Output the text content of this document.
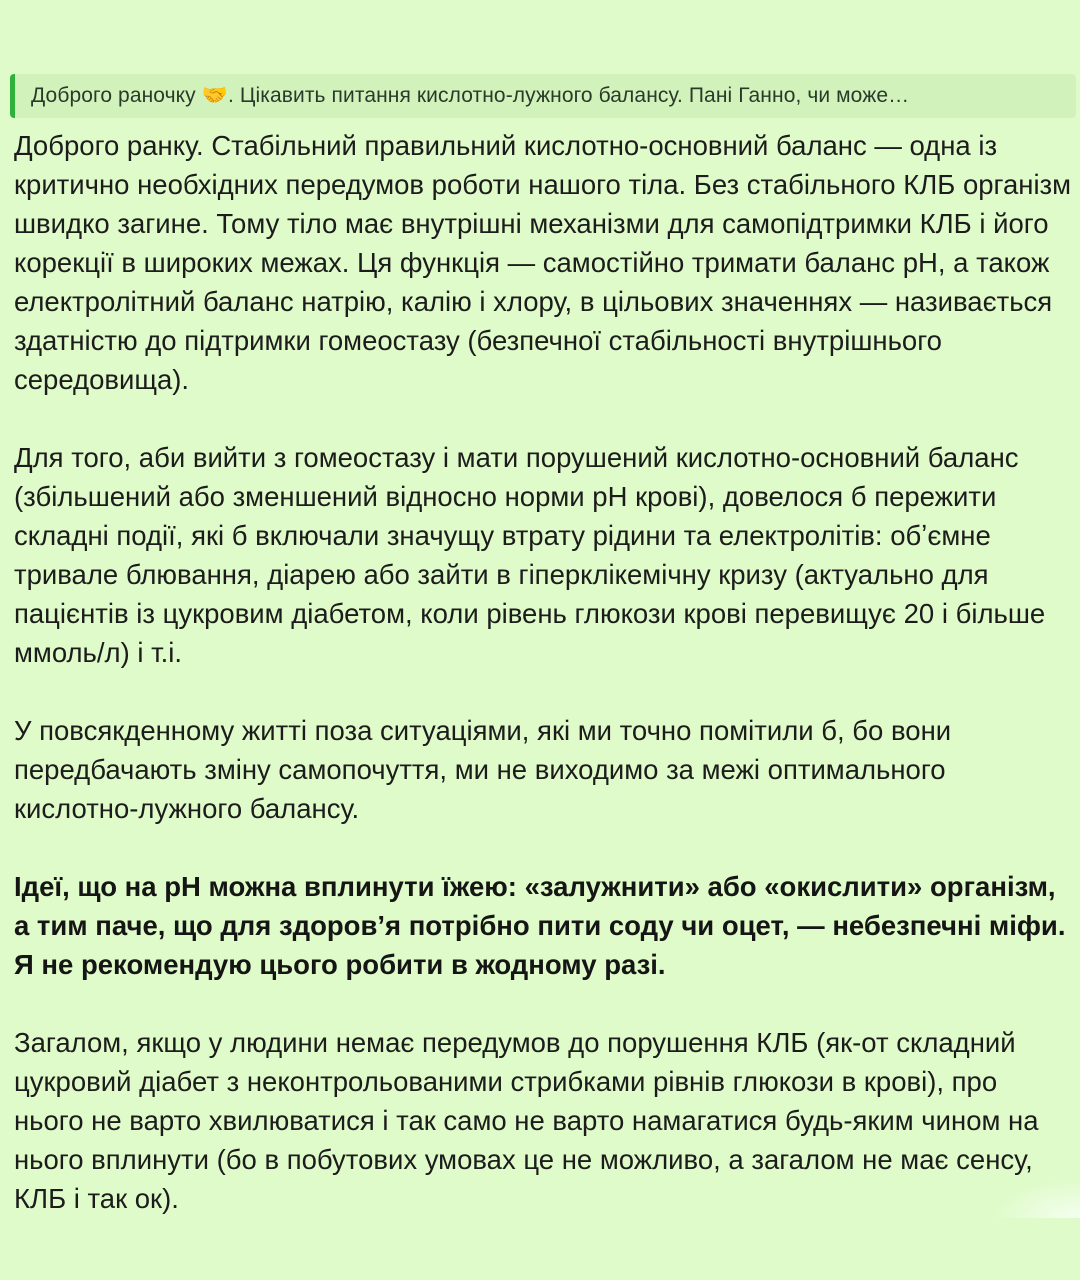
Доброго раночку 🤝. Цікавить питання кислотно-лужного балансу. Пані Ганно, чи може…

Доброго ранку. Стабільний правильний кислотно-основний баланс — одна із критично необхідних передумов роботи нашого тіла. Без стабільного КЛБ організм швидко загине. Тому тіло має внутрішні механізми для самопідтримки КЛБ і його корекції в широких межах. Ця функція — самостійно тримати баланс pH, а також електролітний баланс натрію, калію і хлору, в цільових значеннях — називається здатністю до підтримки гомеостазу (безпечної стабільності внутрішнього середовища).

Для того, аби вийти з гомеостазу і мати порушений кислотно-основний баланс (збільшений або зменшений відносно норми pH крові), довелося б пережити складні події, які б включали значущу втрату рідини та електролітів: обʼємне тривале блювання, діарею або зайти в гіперклікемічну кризу (актуально для пацієнтів із цукровим діабетом, коли рівень глюкози крові перевищує 20 і більше ммоль/л) і т.і.

У повсякденному житті поза ситуаціями, які ми точно помітили б, бо вони передбачають зміну самопочуття, ми не виходимо за межі оптимального кислотно-лужного балансу.

Ідеї, що на pH можна вплинути їжею: «залужнити» або «окислити» організм, а тим паче, що для здоровʼя потрібно пити соду чи оцет, — небезпечні міфи. Я не рекомендую цього робити в жодному разі.

Загалом, якщо у людини немає передумов до порушення КЛБ (як-от складний цукровий діабет з неконтрольованими стрибками рівнів глюкози в крові), про нього не варто хвилюватися і так само не варто намагатися будь-яким чином на нього вплинути (бо в побутових умовах це не можливо, а загалом не має сенсу, КЛБ і так ок).
